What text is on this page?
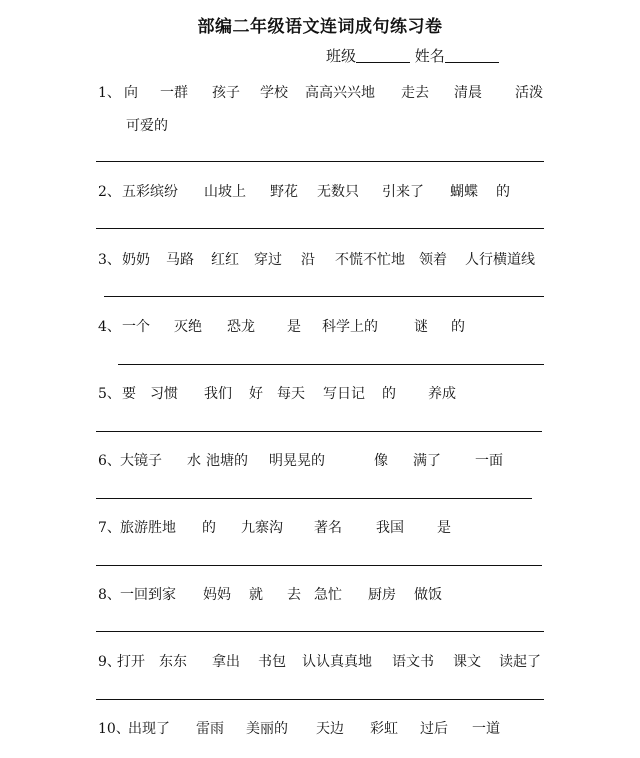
部编二年级语文连词成句练习卷
班级	姓名
1、 向 一群 孩子 学校 高高兴兴地 走去 清晨 活泼
可爱的
2、 五彩缤纷 山坡上 野花 无数只 引来了 蝴蝶 的
3、 奶奶 马路 红红 穿过 沿 不慌不忙地 领着 人行横道线
4、 一个 灭绝 恐龙 是 科学上的	谜 的
5、 要 习惯 我们 好 每天 写日记 的 养成
6、 大镜子 水 池塘的 明晃晃的	像 满了 一面
7、 旅游胜地 的 九寨沟 著名 我国 是
8、 一回到家 妈妈 就 去 急忙 厨房 做饭
9、
打开 东东 拿出 书包 认认真真地 语文书 课文 读起了
10、
出现了 雷雨 美丽的 天边 彩虹 过后 一道
